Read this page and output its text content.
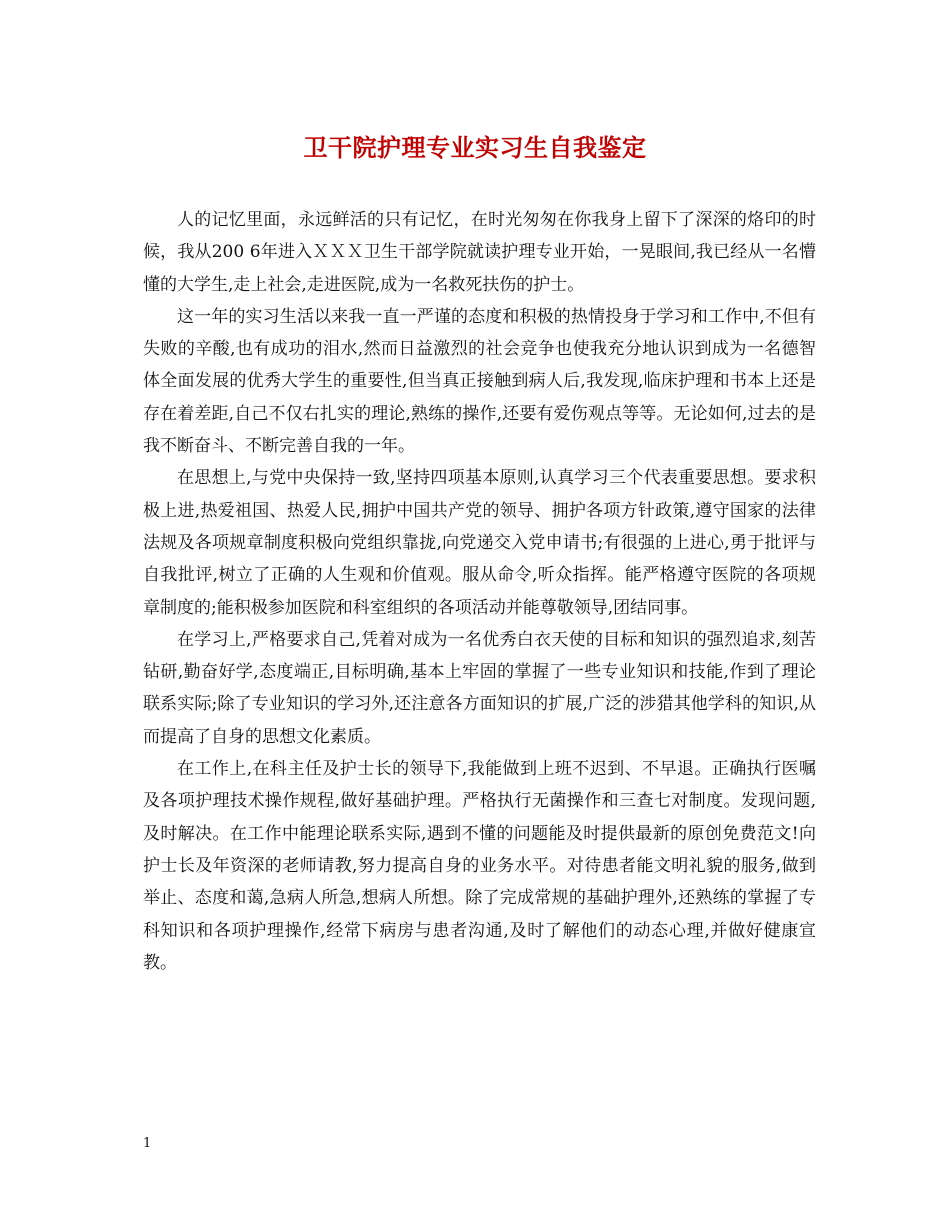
卫干院护理专业实习生自我鉴定

人的记忆里面，永远鲜活的只有记忆，在时光匆匆在你我身上留下了深深的烙印的时候，我从200 6年进入ＸＸＸ卫生干部学院就读护理专业开始，一晃眼间,我已经从一名懵懂的大学生,走上社会,走进医院,成为一名救死扶伤的护士。

这一年的实习生活以来我一直一严谨的态度和积极的热情投身于学习和工作中,不但有失败的辛酸,也有成功的泪水,然而日益激烈的社会竞争也使我充分地认识到成为一名德智体全面发展的优秀大学生的重要性,但当真正接触到病人后,我发现,临床护理和书本上还是存在着差距,自己不仅右扎实的理论,熟练的操作,还要有爱伤观点等等。无论如何,过去的是我不断奋斗、不断完善自我的一年。

在思想上,与党中央保持一致,坚持四项基本原则,认真学习三个代表重要思想。要求积极上进,热爱祖国、热爱人民,拥护中国共产党的领导、拥护各项方针政策,遵守国家的法律法规及各项规章制度积极向党组织靠拢,向党递交入党申请书;有很强的上进心,勇于批评与自我批评,树立了正确的人生观和价值观。服从命令,听众指挥。能严格遵守医院的各项规章制度的;能积极参加医院和科室组织的各项活动并能尊敬领导,团结同事。

在学习上,严格要求自己,凭着对成为一名优秀白衣天使的目标和知识的强烈追求,刻苦钻研,勤奋好学,态度端正,目标明确,基本上牢固的掌握了一些专业知识和技能,作到了理论联系实际;除了专业知识的学习外,还注意各方面知识的扩展,广泛的涉猎其他学科的知识,从而提高了自身的思想文化素质。

在工作上,在科主任及护士长的领导下,我能做到上班不迟到、不早退。正确执行医嘱及各项护理技术操作规程,做好基础护理。严格执行无菌操作和三查七对制度。发现问题,及时解决。在工作中能理论联系实际,遇到不懂的问题能及时提供最新的原创免费范文!向护士长及年资深的老师请教,努力提高自身的业务水平。对待患者能文明礼貌的服务,做到举止、态度和蔼,急病人所急,想病人所想。除了完成常规的基础护理外,还熟练的掌握了专科知识和各项护理操作,经常下病房与患者沟通,及时了解他们的动态心理,并做好健康宣教。

1
